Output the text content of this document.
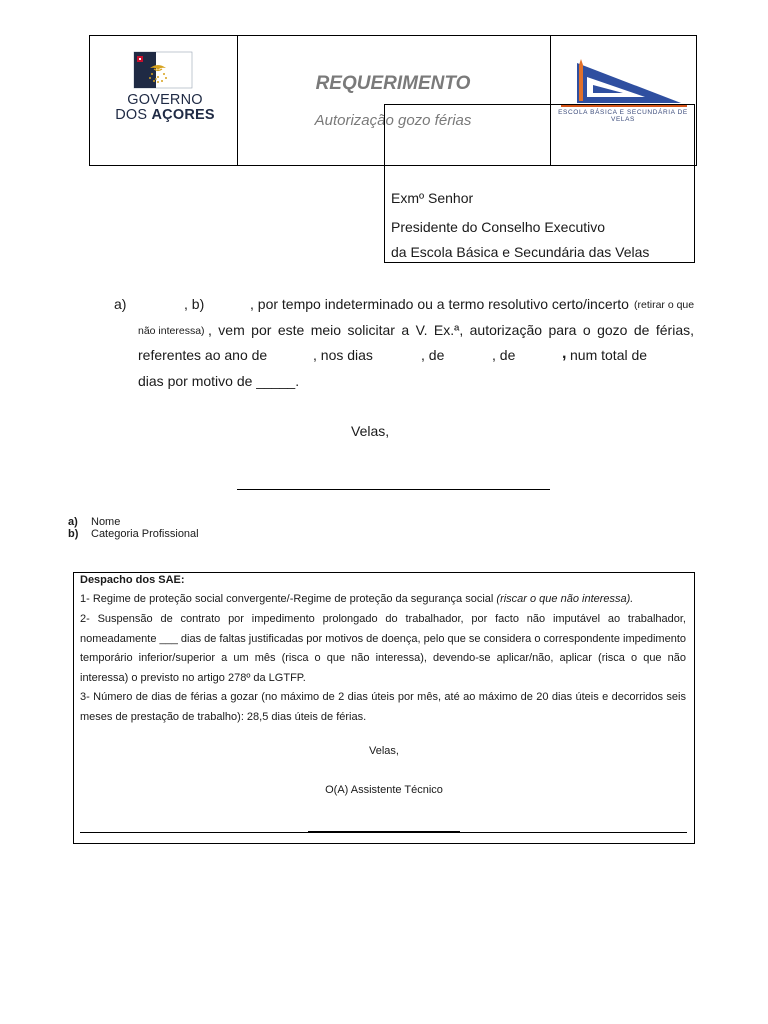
GOVERNO
DOS AÇORES
REQUERIMENTO
Autorização gozo férias	ESCOLA BÁSICA E SECUNDÁRIA DE VELAS
Exmº Senhor
Presidente do Conselho Executivo
da Escola Básica e Secundária das Velas
a)	, b)	, por tempo indeterminado ou a termo resolutivo certo/incerto (retirar o que
não interessa) , vem por este meio solicitar a V. Ex.ª, autorização para o gozo de férias,
referentes ao ano de	, nos dias	, de	, de	, num total de
dias por motivo de _____.
Velas,
a) Nome
b) Categoria Profissional
Despacho dos SAE:
1- Regime de proteção social convergente/-Regime de proteção da segurança social (riscar o que não interessa).
2- Suspensão de contrato por impedimento prolongado do trabalhador, por facto não imputável ao trabalhador, nomeadamente ___ dias de faltas justificadas por motivos de doença, pelo que se considera o correspondente impedimento temporário inferior/superior a um mês (risca o que não interessa), devendo-se aplicar/não, aplicar (risca o que não interessa) o previsto no artigo 278º da LGTFP.
3- Número de dias de férias a gozar (no máximo de 2 dias úteis por mês, até ao máximo de 20 dias úteis e decorridos seis meses de prestação de trabalho): 28,5 dias úteis de férias.
Velas,
O(A) Assistente Técnico
